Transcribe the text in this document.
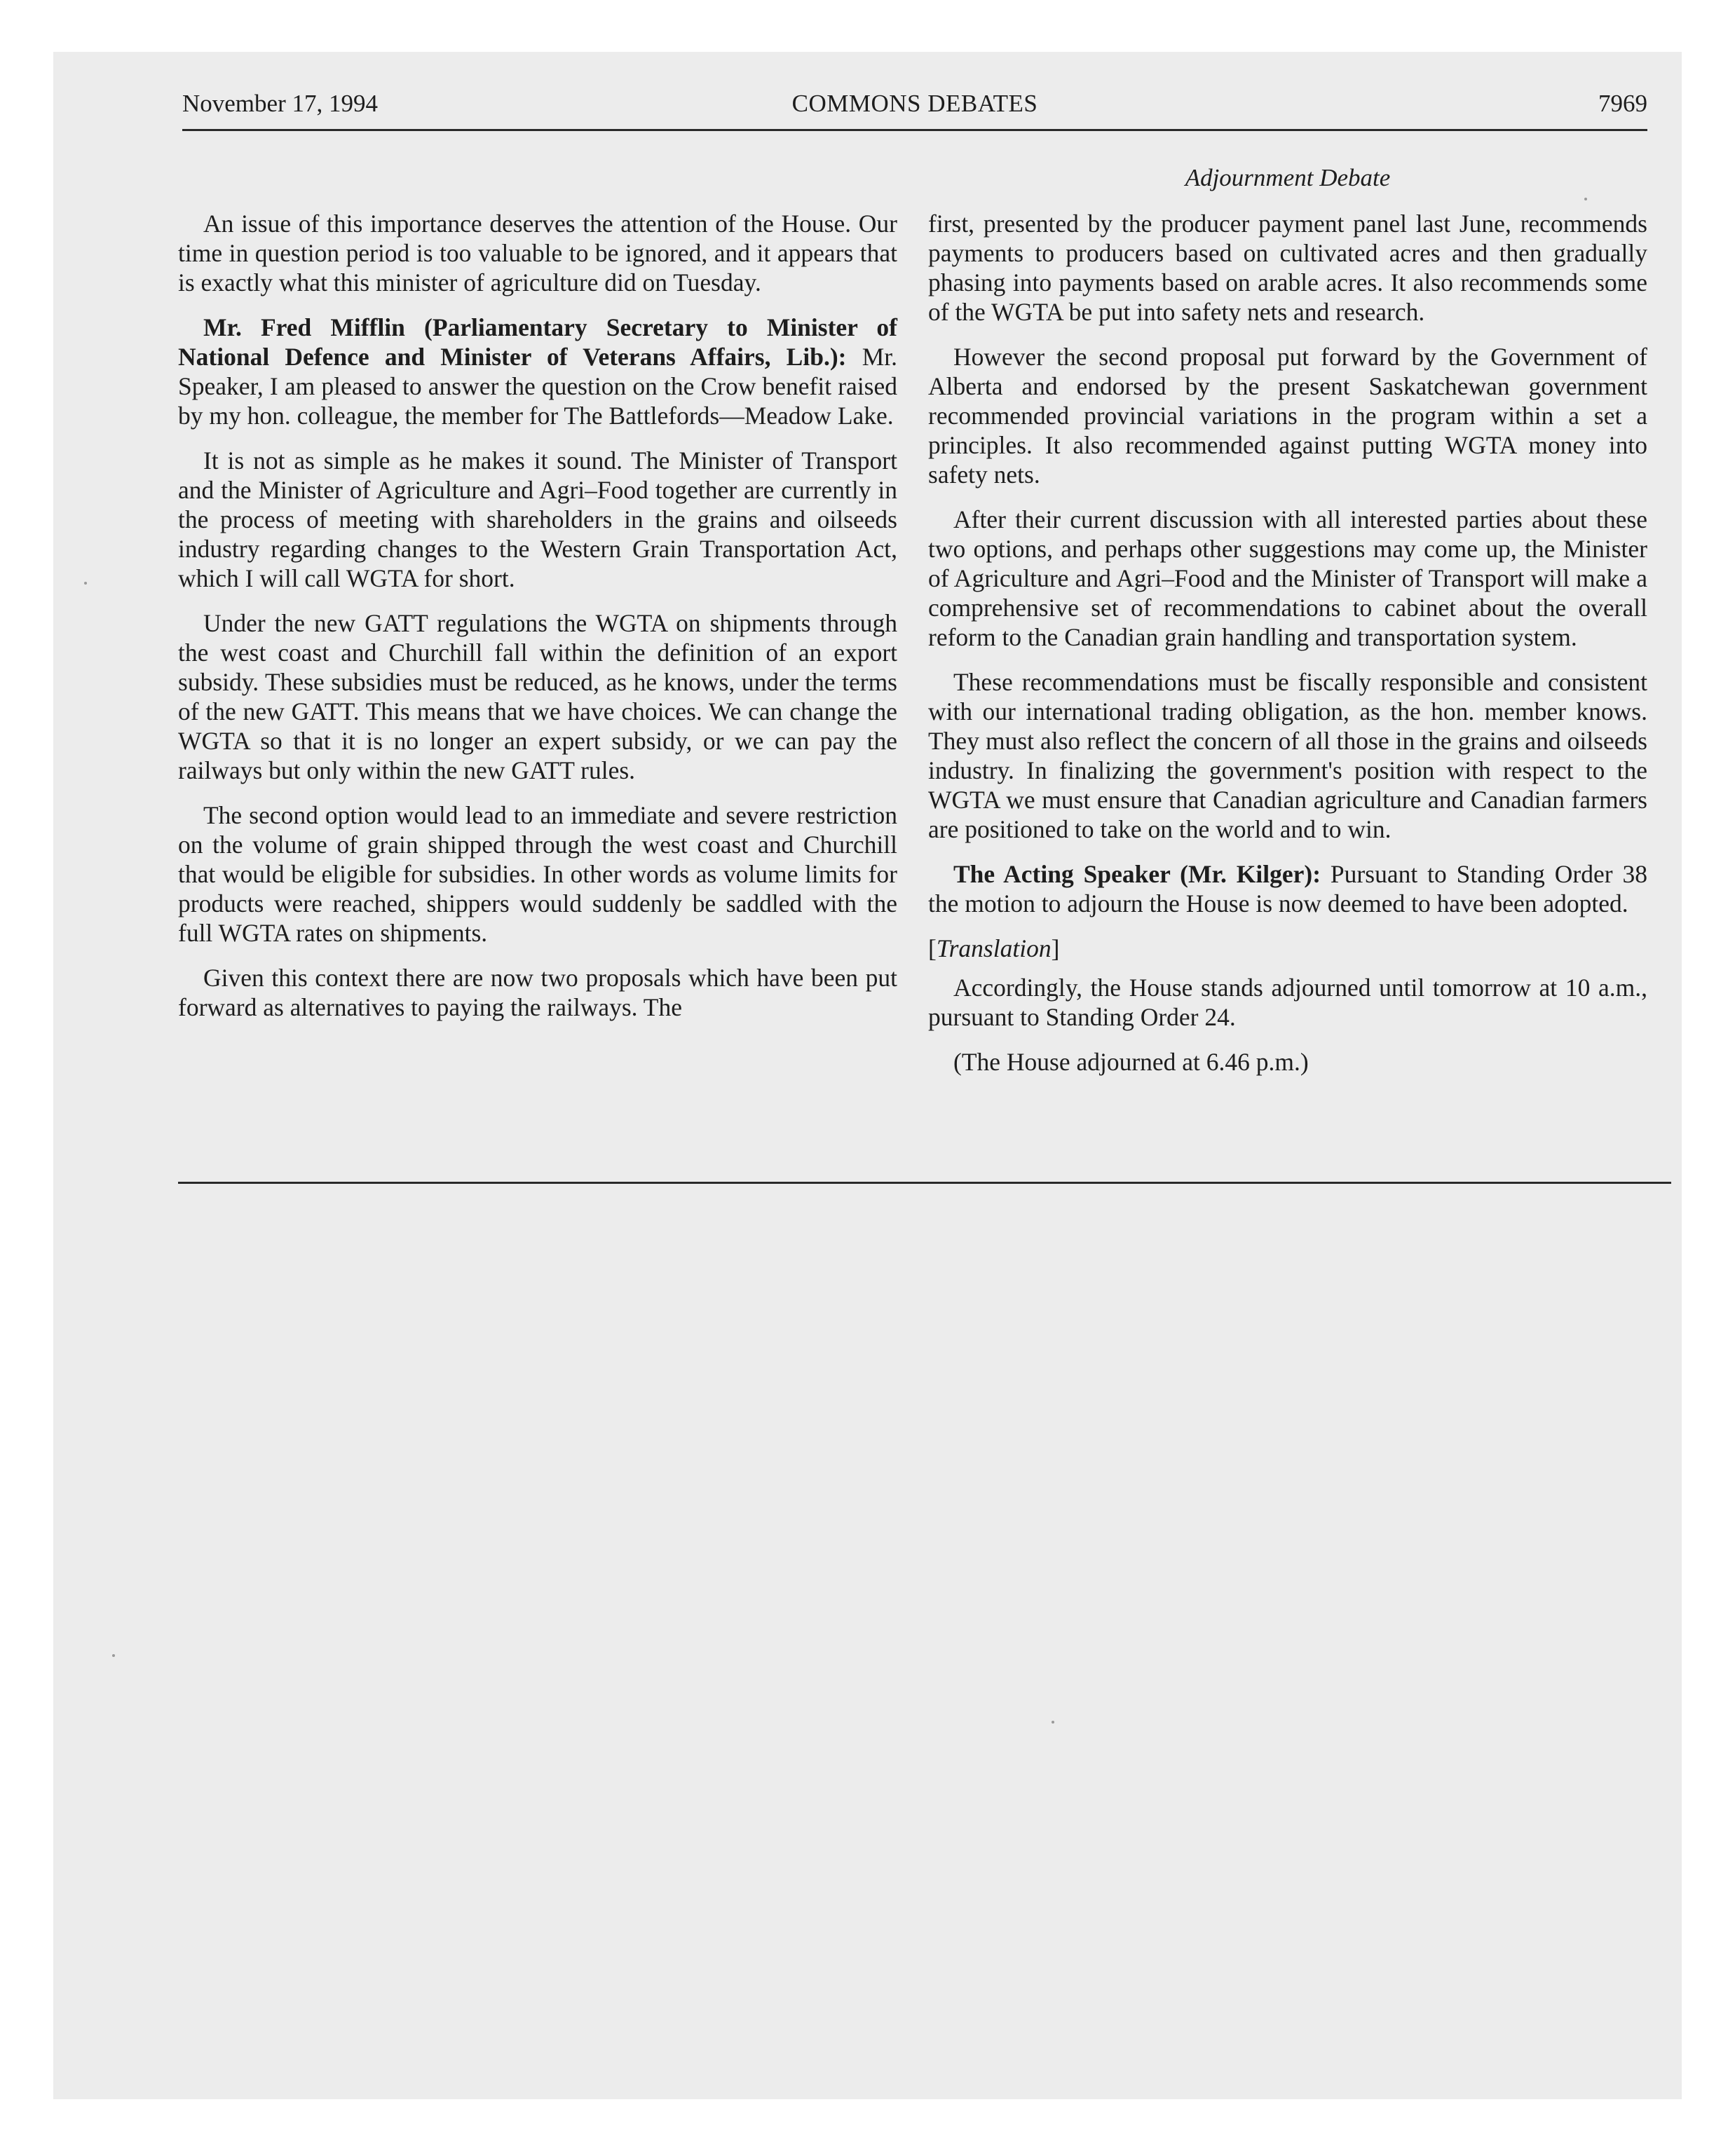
November 17, 1994	COMMONS DEBATES	7969
Adjournment Debate

An issue of this importance deserves the attention of the House. Our time in question period is too valuable to be ignored, and it appears that is exactly what this minister of agriculture did on Tuesday.

Mr. Fred Mifflin (Parliamentary Secretary to Minister of National Defence and Minister of Veterans Affairs, Lib.): Mr. Speaker, I am pleased to answer the question on the Crow benefit raised by my hon. colleague, the member for The Battlefords—Meadow Lake.

It is not as simple as he makes it sound. The Minister of Transport and the Minister of Agriculture and Agri–Food together are currently in the process of meeting with shareholders in the grains and oilseeds industry regarding changes to the Western Grain Transportation Act, which I will call WGTA for short.

Under the new GATT regulations the WGTA on shipments through the west coast and Churchill fall within the definition of an export subsidy. These subsidies must be reduced, as he knows, under the terms of the new GATT. This means that we have choices. We can change the WGTA so that it is no longer an expert subsidy, or we can pay the railways but only within the new GATT rules.

The second option would lead to an immediate and severe restriction on the volume of grain shipped through the west coast and Churchill that would be eligible for subsidies. In other words as volume limits for products were reached, shippers would suddenly be saddled with the full WGTA rates on shipments.

Given this context there are now two proposals which have been put forward as alternatives to paying the railways. The

first, presented by the producer payment panel last June, recommends payments to producers based on cultivated acres and then gradually phasing into payments based on arable acres. It also recommends some of the WGTA be put into safety nets and research.

However the second proposal put forward by the Government of Alberta and endorsed by the present Saskatchewan government recommended provincial variations in the program within a set a principles. It also recommended against putting WGTA money into safety nets.

After their current discussion with all interested parties about these two options, and perhaps other suggestions may come up, the Minister of Agriculture and Agri–Food and the Minister of Transport will make a comprehensive set of recommendations to cabinet about the overall reform to the Canadian grain handling and transportation system.

These recommendations must be fiscally responsible and consistent with our international trading obligation, as the hon. member knows. They must also reflect the concern of all those in the grains and oilseeds industry. In finalizing the government's position with respect to the WGTA we must ensure that Canadian agriculture and Canadian farmers are positioned to take on the world and to win.

The Acting Speaker (Mr. Kilger): Pursuant to Standing Order 38 the motion to adjourn the House is now deemed to have been adopted.

[Translation]

Accordingly, the House stands adjourned until tomorrow at 10 a.m., pursuant to Standing Order 24.

(The House adjourned at 6.46 p.m.)
